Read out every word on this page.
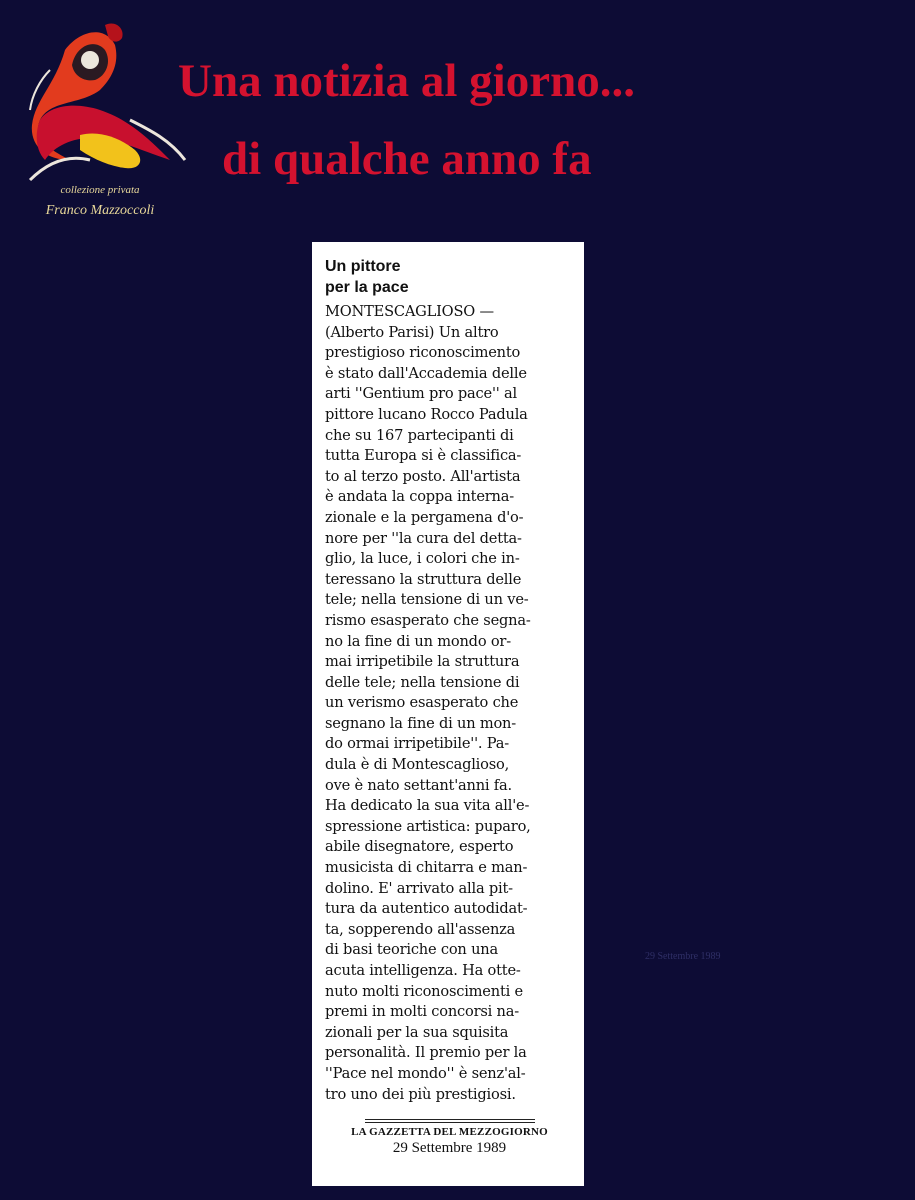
collezione privata
Franco Mazzoccoli
Una notizia al giorno...
di qualche anno fa
Un pittore
per la pace
MONTESCAGLIOSO —
(Alberto Parisi) Un altro
prestigioso riconoscimento
è stato dall'Accademia delle
arti ''Gentium pro pace'' al
pittore lucano Rocco Padula
che su 167 partecipanti di
tutta Europa si è classifica-
to al terzo posto. All'artista
è andata la coppa interna-
zionale e la pergamena d'o-
nore per ''la cura del detta-
glio, la luce, i colori che in-
teressano la struttura delle
tele; nella tensione di un ve-
rismo esasperato che segna-
no la fine di un mondo or-
mai irripetibile la struttura
delle tele; nella tensione di
un verismo esasperato che
segnano la fine di un mon-
do ormai irripetibile''. Pa-
dula è di Montescaglioso,
ove è nato settant'anni fa.
Ha dedicato la sua vita all'e-
spressione artistica: puparo,
abile disegnatore, esperto
musicista di chitarra e man-
dolino. E' arrivato alla pit-
tura da autentico autodidat-
ta, sopperendo all'assenza
di basi teoriche con una
acuta intelligenza. Ha otte-
nuto molti riconoscimenti e
premi in molti concorsi na-
zionali per la sua squisita
personalità. Il premio per la
''Pace nel mondo'' è senz'al-
tro uno dei più prestigiosi.
LA GAZZETTA DEL MEZZOGIORNO
29 Settembre 1989
29 Settembre 1989
